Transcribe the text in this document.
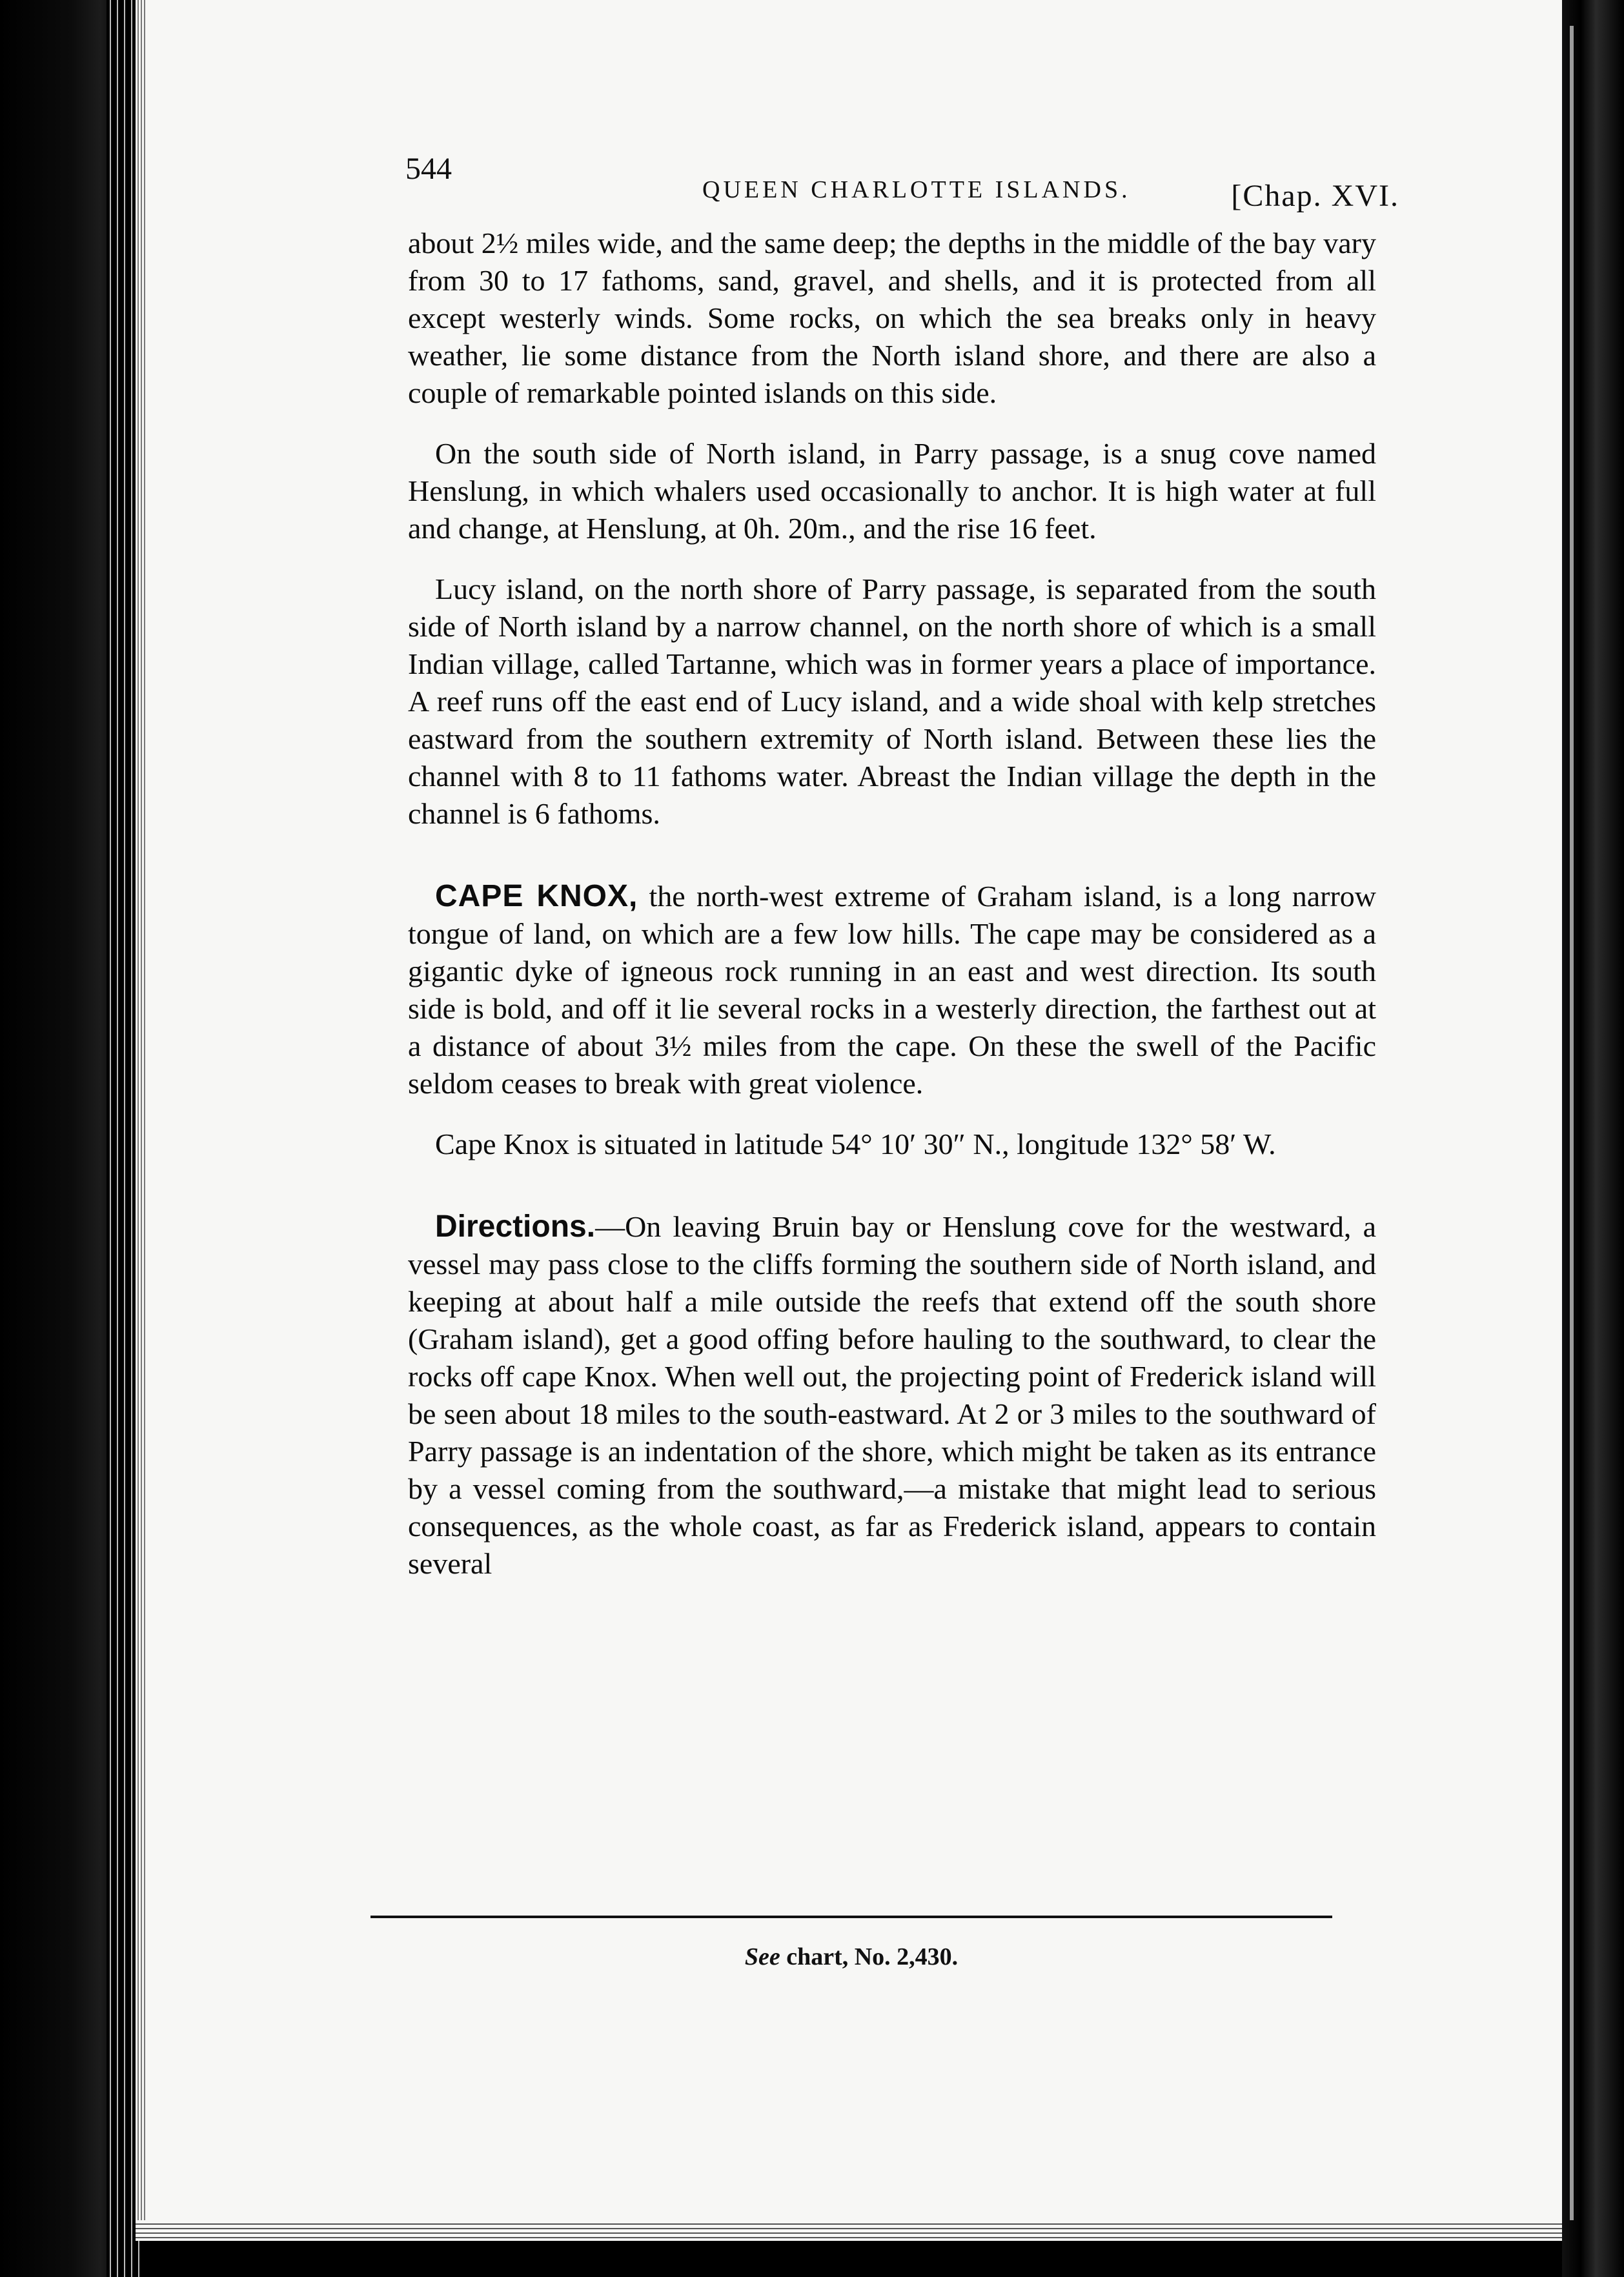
544
QUEEN CHARLOTTE ISLANDS.	[Chap. XVI.

about 2½ miles wide, and the same deep; the depths in the middle of the bay vary from 30 to 17 fathoms, sand, gravel, and shells, and it is protected from all except westerly winds. Some rocks, on which the sea breaks only in heavy weather, lie some distance from the North island shore, and there are also a couple of remarkable pointed islands on this side.

On the south side of North island, in Parry passage, is a snug cove named Henslung, in which whalers used occasionally to anchor. It is high water at full and change, at Henslung, at 0h. 20m., and the rise 16 feet.

Lucy island, on the north shore of Parry passage, is separated from the south side of North island by a narrow channel, on the north shore of which is a small Indian village, called Tartanne, which was in former years a place of importance. A reef runs off the east end of Lucy island, and a wide shoal with kelp stretches eastward from the southern extremity of North island. Between these lies the channel with 8 to 11 fathoms water. Abreast the Indian village the depth in the channel is 6 fathoms.

CAPE KNOX, the north-west extreme of Graham island, is a long narrow tongue of land, on which are a few low hills. The cape may be considered as a gigantic dyke of igneous rock running in an east and west direction. Its south side is bold, and off it lie several rocks in a westerly direction, the farthest out at a distance of about 3½ miles from the cape. On these the swell of the Pacific seldom ceases to break with great violence.

Cape Knox is situated in latitude 54° 10′ 30″ N., longitude 132° 58′ W.

Directions.—On leaving Bruin bay or Henslung cove for the westward, a vessel may pass close to the cliffs forming the southern side of North island, and keeping at about half a mile outside the reefs that extend off the south shore (Graham island), get a good offing before hauling to the southward, to clear the rocks off cape Knox. When well out, the projecting point of Frederick island will be seen about 18 miles to the south-eastward. At 2 or 3 miles to the southward of Parry passage is an indentation of the shore, which might be taken as its entrance by a vessel coming from the southward,—a mistake that might lead to serious consequences, as the whole coast, as far as Frederick island, appears to contain several

See chart, No. 2,430.
